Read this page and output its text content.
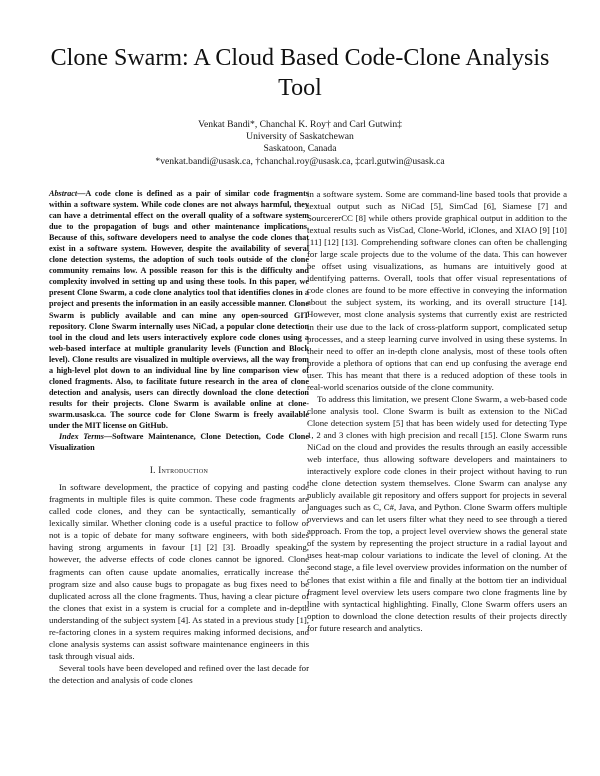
Clone Swarm: A Cloud Based Code-Clone Analysis Tool
Venkat Bandi*, Chanchal K. Roy† and Carl Gutwin‡
University of Saskatchewan
Saskatoon, Canada
*venkat.bandi@usask.ca, †chanchal.roy@usask.ca, ‡carl.gutwin@usask.ca

Abstract—A code clone is defined as a pair of similar code fragments within a software system. While code clones are not always harmful, they can have a detrimental effect on the overall quality of a software system due to the propagation of bugs and other maintenance implications. Because of this, software developers need to analyse the code clones that exist in a software system. However, despite the availability of several clone detection systems, the adoption of such tools outside of the clone community remains low. A possible reason for this is the difficulty and complexity involved in setting up and using these tools. In this paper, we present Clone Swarm, a code clone analytics tool that identifies clones in a project and presents the information in an easily accessible manner. Clone Swarm is publicly available and can mine any open-sourced GIT repository. Clone Swarm internally uses NiCad, a popular clone detection tool in the cloud and lets users interactively explore code clones using a web-based interface at multiple granularity levels (Function and Block level). Clone results are visualized in multiple overviews, all the way from a high-level plot down to an individual line by line comparison view of cloned fragments. Also, to facilitate future research in the area of clone detection and analysis, users can directly download the clone detection results for their projects. Clone Swarm is available online at clone-swarm.usask.ca. The source code for Clone Swarm is freely available under the MIT license on GitHub.

Index Terms—Software Maintenance, Clone Detection, Code Clone Visualization

I. Introduction

In software development, the practice of copying and pasting code fragments in multiple files is quite common. These code fragments are called code clones, and they can be syntactically, semantically or lexically similar. Whether cloning code is a useful practice to follow or not is a topic of debate for many software engineers, with both sides having strong arguments in favour [1] [2] [3]. Broadly speaking, however, the adverse effects of code clones cannot be ignored. Clone fragments can often cause update anomalies, erratically increase the program size and also cause bugs to propagate as bug fixes need to be duplicated across all the clone fragments. Thus, having a clear picture of the clones that exist in a system is crucial for a complete and in-depth understanding of the subject system [4]. As stated in a previous study [1], re-factoring clones in a system requires making informed decisions, and clone analysis systems can assist software maintenance engineers in this task through visual aids.

Several tools have been developed and refined over the last decade for the detection and analysis of code clones

in a software system. Some are command-line based tools that provide a textual output such as NiCad [5], SimCad [6], Siamese [7] and SourcererCC [8] while others provide graphical output in addition to the textual results such as VisCad, Clone-World, iClones, and XIAO [9] [10] [11] [12] [13]. Comprehending software clones can often be challenging for large scale projects due to the volume of the data. This can however be offset using visualizations, as humans are intuitively good at identifying patterns. Overall, tools that offer visual representations of code clones are found to be more effective in conveying the information about the subject system, its working, and its overall structure [14]. However, most clone analysis systems that currently exist are restricted in their use due to the lack of cross-platform support, complicated setup processes, and a steep learning curve involved in using these systems. In their need to offer an in-depth clone analysis, most of these tools often provide a plethora of options that can end up confusing the average end user. This has meant that there is a reduced adoption of these tools in real-world scenarios outside of the clone community.

To address this limitation, we present Clone Swarm, a web-based code clone analysis tool. Clone Swarm is built as extension to the NiCad Clone detection system [5] that has been widely used for detecting Type 1, 2 and 3 clones with high precision and recall [15]. Clone Swarm runs NiCad on the cloud and provides the results through an easily accessible web interface, thus allowing software developers and maintainers to interactively explore code clones in their project without having to run the clone detection system themselves. Clone Swarm can analyse any publicly available git repository and offers support for projects in several languages such as C, C#, Java, and Python. Clone Swarm offers multiple overviews and can let users filter what they need to see through a tiered approach. From the top, a project level overview shows the general state of the system by representing the project structure in a radial layout and uses heat-map colour variations to indicate the level of cloning. At the second stage, a file level overview provides information on the number of clones that exist within a file and finally at the bottom tier an individual fragment level overview lets users compare two clone fragments line by line with syntactical highlighting. Finally, Clone Swarm offers users an option to download the clone detection results of their projects directly for future research and analytics.
